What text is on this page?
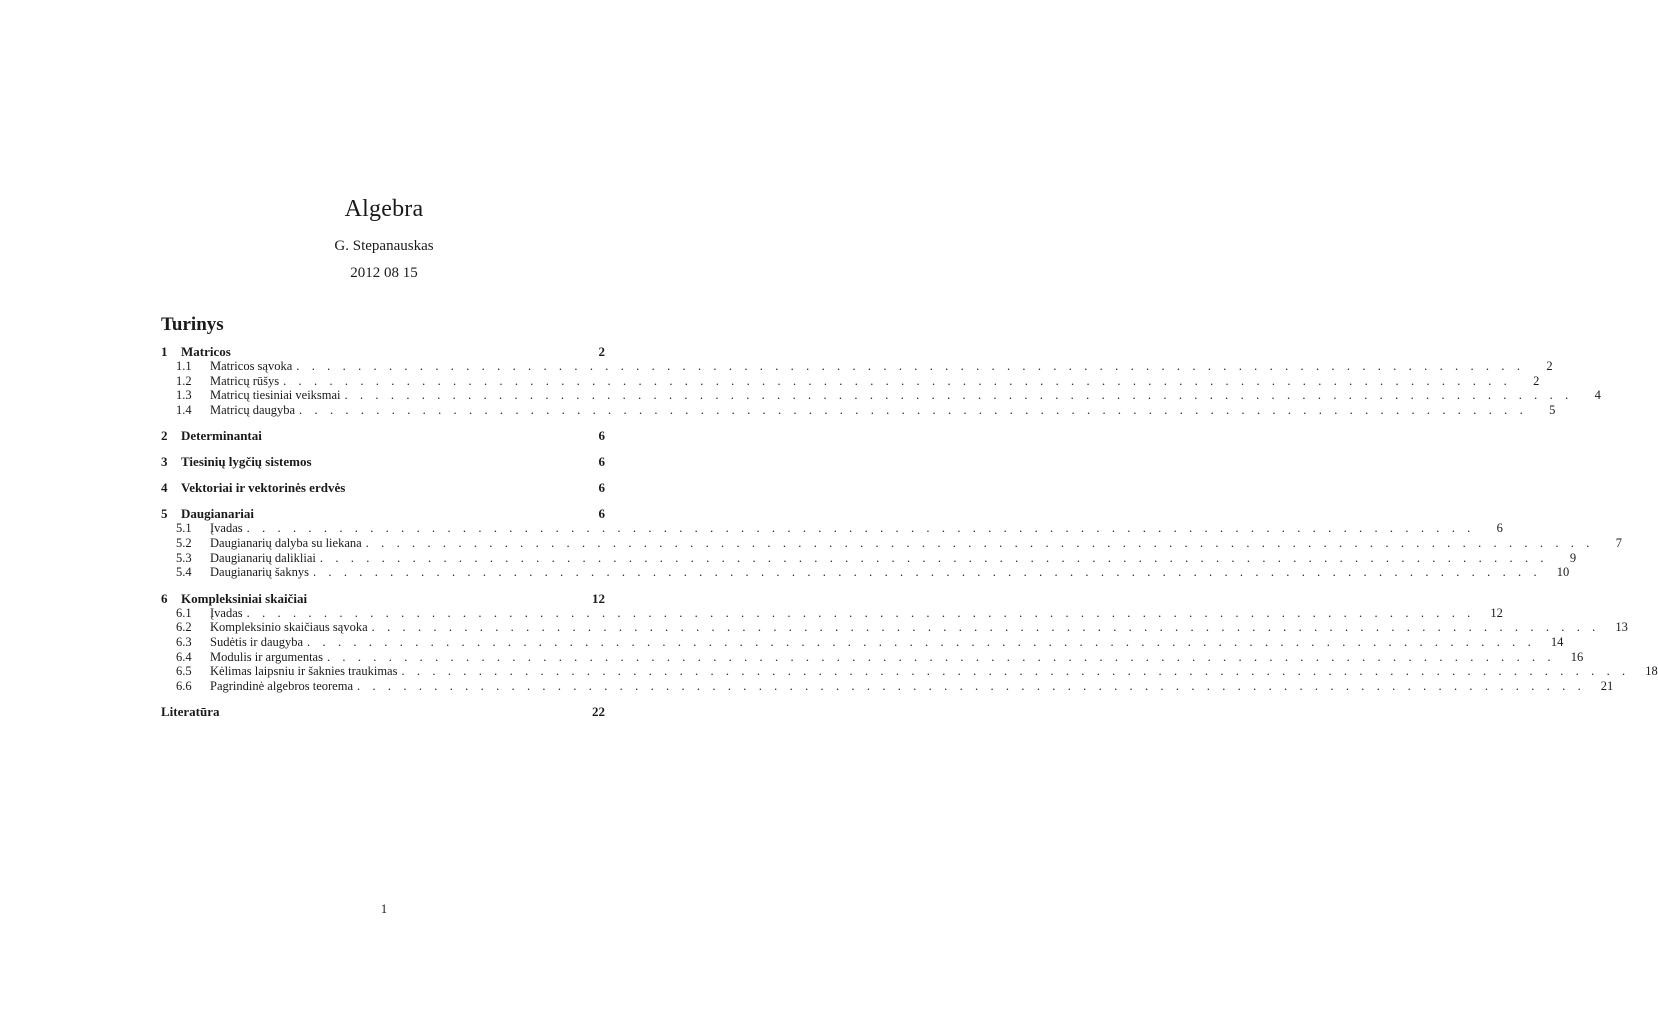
Algebra
G. Stepanauskas
2012 08 15
Turinys
1	Matricos	2
1.1	Matricos sąvoka . . . . . . . . . . . . . . . . . . . . . . . . . . . . . . . . . . . . . . . . . . . . . . . . . . . . . . . . . . . . . . . . . . . . . . . . . . . . . . . .	2
1.2	Matricų rūšys . . . . . . . . . . . . . . . . . . . . . . . . . . . . . . . . . . . . . . . . . . . . . . . . . . . . . . . . . . . . . . . . . . . . . . . . . . . . . . . .	2
1.3	Matricų tiesiniai veiksmai . . . . . . . . . . . . . . . . . . . . . . . . . . . . . . . . . . . . . . . . . . . . . . . . . . . . . . . . . . . . . . . . . . . . . . . . . . . . . . . .	4
1.4	Matricų daugyba . . . . . . . . . . . . . . . . . . . . . . . . . . . . . . . . . . . . . . . . . . . . . . . . . . . . . . . . . . . . . . . . . . . . . . . . . . . . . . . .	5
2	Determinantai	6
3	Tiesinių lygčių sistemos	6
4	Vektoriai ir vektorinės erdvės	6
5	Daugianariai	6
5.1	Įvadas . . . . . . . . . . . . . . . . . . . . . . . . . . . . . . . . . . . . . . . . . . . . . . . . . . . . . . . . . . . . . . . . . . . . . . . . . . . . . . . .	6
5.2	Daugianarių dalyba su liekana . . . . . . . . . . . . . . . . . . . . . . . . . . . . . . . . . . . . . . . . . . . . . . . . . . . . . . . . . . . . . . . . . . . . . . . . . . . . . . . .	7
5.3	Daugianarių dalikliai . . . . . . . . . . . . . . . . . . . . . . . . . . . . . . . . . . . . . . . . . . . . . . . . . . . . . . . . . . . . . . . . . . . . . . . . . . . . . . . .	9
5.4	Daugianarių šaknys . . . . . . . . . . . . . . . . . . . . . . . . . . . . . . . . . . . . . . . . . . . . . . . . . . . . . . . . . . . . . . . . . . . . . . . . . . . . . . . .	10
6	Kompleksiniai skaičiai	12
6.1	Įvadas . . . . . . . . . . . . . . . . . . . . . . . . . . . . . . . . . . . . . . . . . . . . . . . . . . . . . . . . . . . . . . . . . . . . . . . . . . . . . . . .	12
6.2	Kompleksinio skaičiaus sąvoka . . . . . . . . . . . . . . . . . . . . . . . . . . . . . . . . . . . . . . . . . . . . . . . . . . . . . . . . . . . . . . . . . . . . . . . . . . . . . . . .	13
6.3	Sudėtis ir daugyba . . . . . . . . . . . . . . . . . . . . . . . . . . . . . . . . . . . . . . . . . . . . . . . . . . . . . . . . . . . . . . . . . . . . . . . . . . . . . . . .	14
6.4	Modulis ir argumentas . . . . . . . . . . . . . . . . . . . . . . . . . . . . . . . . . . . . . . . . . . . . . . . . . . . . . . . . . . . . . . . . . . . . . . . . . . . . . . . .	16
6.5	Kėlimas laipsniu ir šaknies traukimas . . . . . . . . . . . . . . . . . . . . . . . . . . . . . . . . . . . . . . . . . . . . . . . . . . . . . . . . . . . . . . . . . . . . . . . . . . . . . . . .	18
6.6	Pagrindinė algebros teorema . . . . . . . . . . . . . . . . . . . . . . . . . . . . . . . . . . . . . . . . . . . . . . . . . . . . . . . . . . . . . . . . . . . . . . . . . . . . . . . .	21
Literatūra	22
1
